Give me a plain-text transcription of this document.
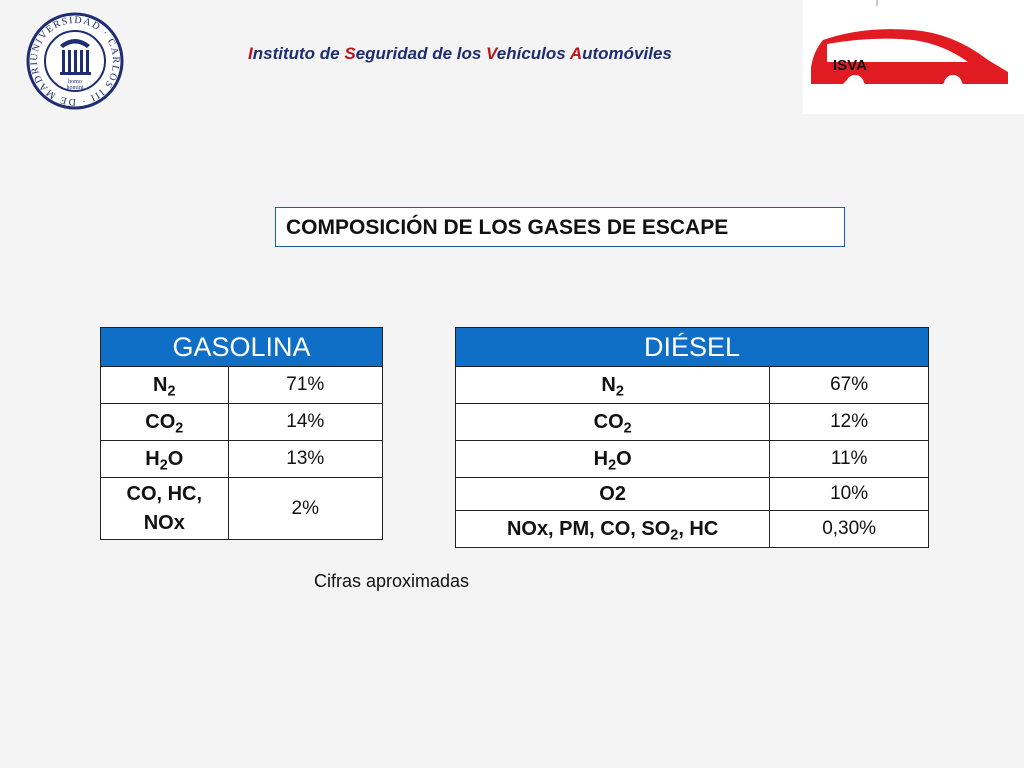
UNIVERSIDAD · CARLOS III · DE MADRI
homo
homini
Instituto de Seguridad de los Vehículos Automóviles
ISVA
COMPOSICIÓN DE LOS GASES DE ESCAPE
GASOLINA	
$N_2$	71%
$CO_2$	14%
$H_2O$	13%
CO, HC,
NOx	2%
DIÉSEL	
$N_2$	67%
$CO_2$	12%
$H_2O$	11%
O2	10%
NOx, PM, CO, $SO_2$, HC	0,30%
Cifras aproximadas
